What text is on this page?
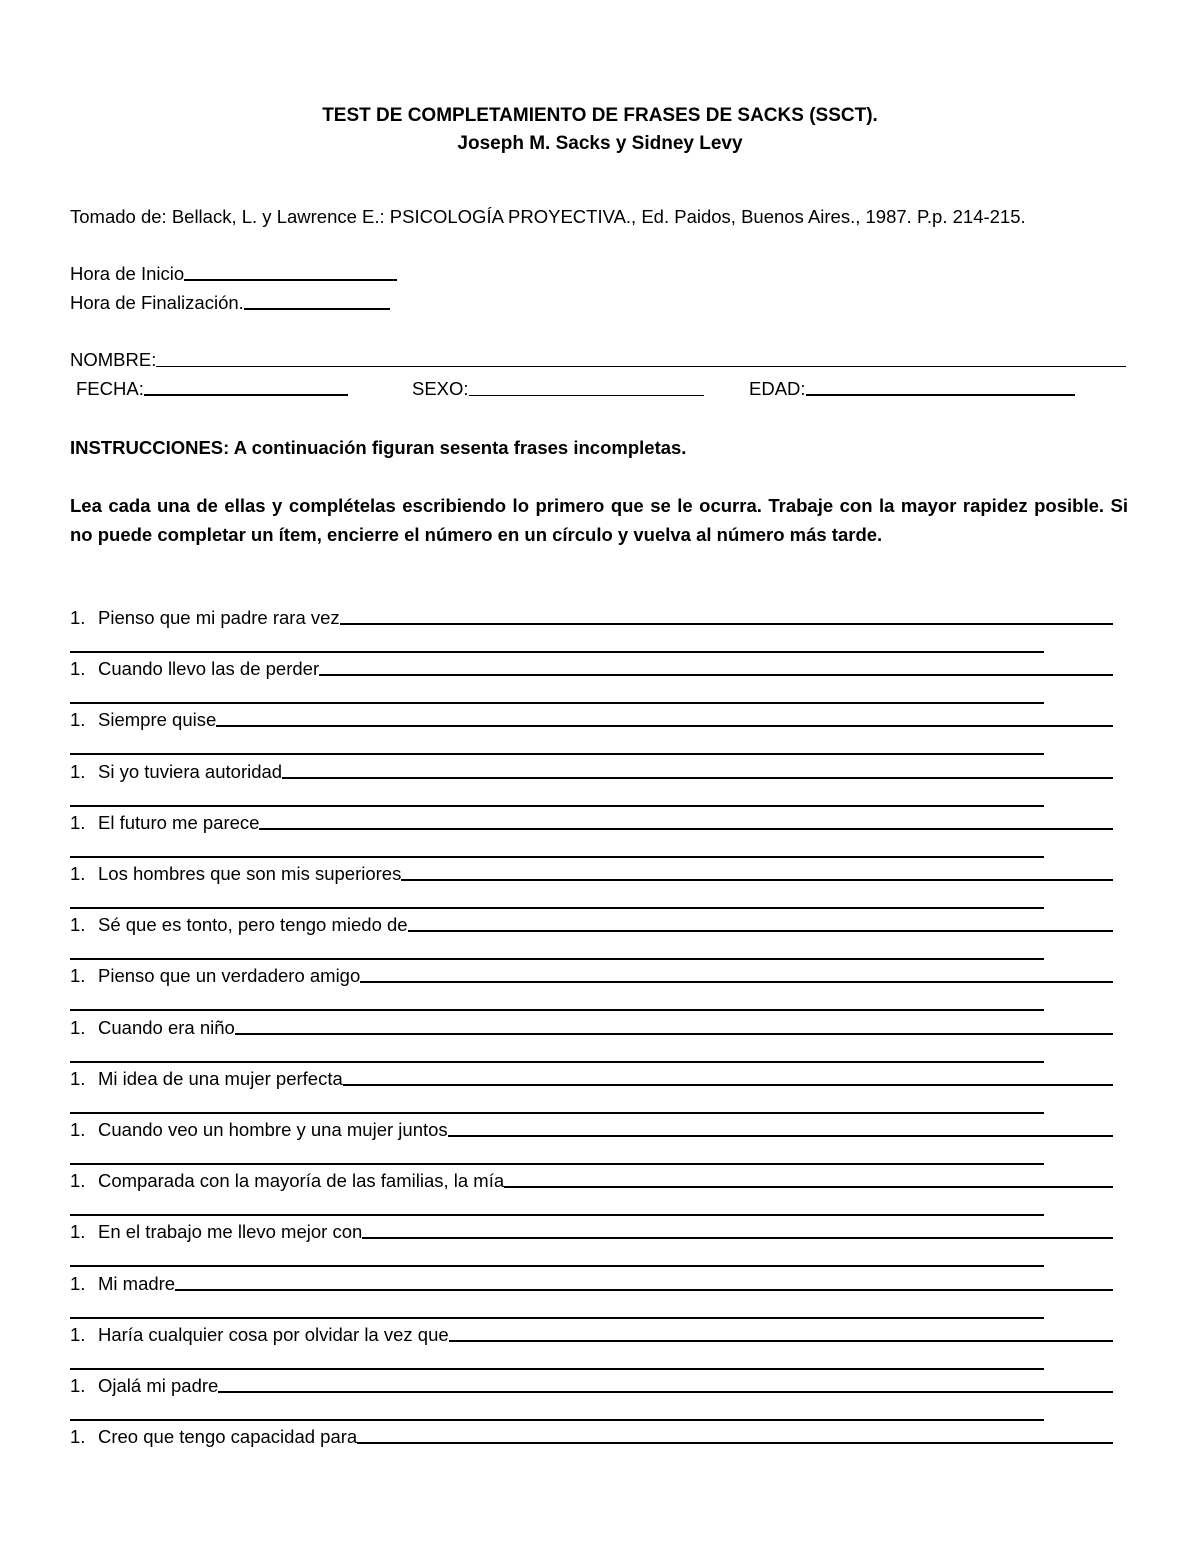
TEST DE COMPLETAMIENTO DE FRASES DE SACKS (SSCT).
Joseph M. Sacks y Sidney Levy
Tomado de: Bellack, L. y Lawrence E.: PSICOLOGÍA PROYECTIVA., Ed. Paidos, Buenos Aires., 1987. P.p. 214-215.
Hora de Inicio
Hora de Finalización.
NOMBRE:
FECHA:	SEXO:	EDAD:
INSTRUCCIONES: A continuación figuran sesenta frases incompletas.
Lea cada una de ellas y complételas escribiendo lo primero que se le ocurra. Trabaje con la mayor rapidez posible. Si no puede completar un ítem, encierre el número en un círculo y vuelva al número más tarde.
1. Pienso que mi padre rara vez
1. Cuando llevo las de perder
1. Siempre quise
1. Si yo tuviera autoridad
1. El futuro me parece
1. Los hombres que son mis superiores
1. Sé que es tonto, pero tengo miedo de
1. Pienso que un verdadero amigo
1. Cuando era niño
1. Mi idea de una mujer perfecta
1. Cuando veo un hombre y una mujer juntos
1. Comparada con la mayoría de las familias, la mía
1. En el trabajo me llevo mejor con
1. Mi madre
1. Haría cualquier cosa por olvidar la vez que
1. Ojalá mi padre
1. Creo que tengo capacidad para
